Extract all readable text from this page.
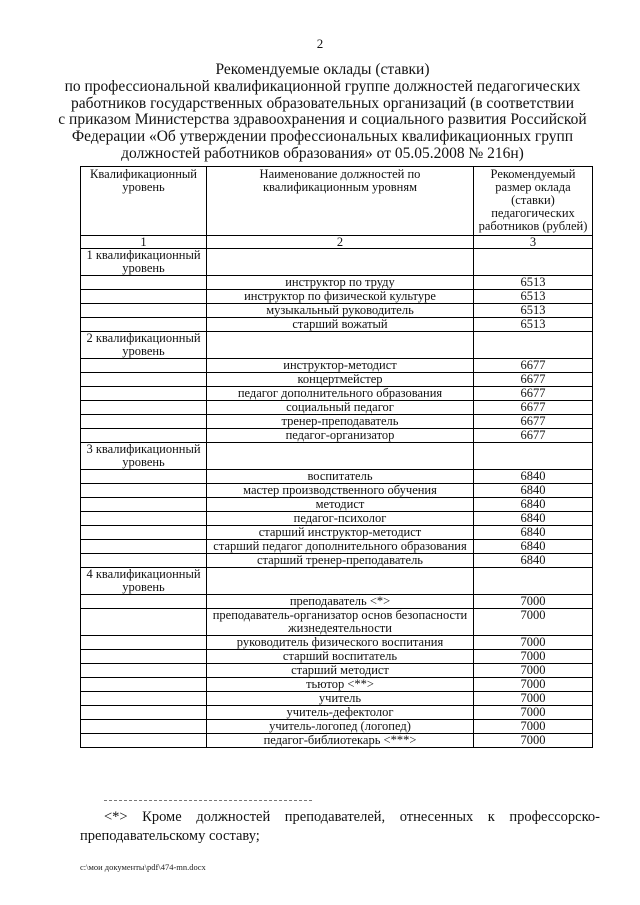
2
Рекомендуемые оклады (ставки)
по профессиональной квалификационной группе должностей педагогических
работников государственных образовательных организаций (в соответствии
с приказом Министерства здравоохранения и социального развития Российской
Федерации «Об утверждении профессиональных квалификационных групп
должностей работников образования» от 05.05.2008 № 216н)
Квалификационный уровень	Наименование должностей по квалификационным уровням	Рекомендуемый размер оклада (ставки) педагогических работников (рублей)
1	2	3
1 квалификационный уровень		
	инструктор по труду	6513
	инструктор по физической культуре	6513
	музыкальный руководитель	6513
	старший вожатый	6513
2 квалификационный уровень		
	инструктор-методист	6677
	концертмейстер	6677
	педагог дополнительного образования	6677
	социальный педагог	6677
	тренер-преподаватель	6677
	педагог-организатор	6677
3 квалификационный уровень		
	воспитатель	6840
	мастер производственного обучения	6840
	методист	6840
	педагог-психолог	6840
	старший инструктор-методист	6840
	старший педагог дополнительного образования	6840
	старший тренер-преподаватель	6840
4 квалификационный уровень		
	преподаватель <*>	7000
	преподаватель-организатор основ безопасности жизнедеятельности	7000
	руководитель физического воспитания	7000
	старший воспитатель	7000
	старший методист	7000
	тьютор <**>	7000
	учитель	7000
	учитель-дефектолог	7000
	учитель-логопед (логопед)	7000
	педагог-библиотекарь <***>	7000
<*> Кроме должностей преподавателей, отнесенных к профессорско-преподавательскому составу;
c:\мои документы\pdf\474-mn.docx
